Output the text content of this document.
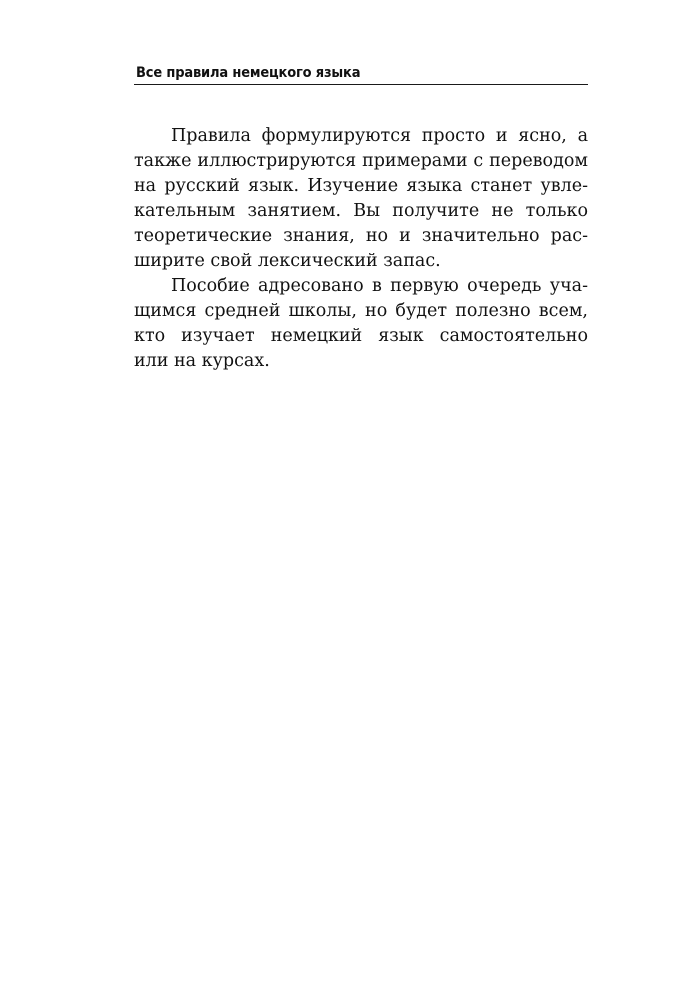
Все правила немецкого языка
Правила формулируются просто и ясно, а
также иллюстрируются примерами с переводом
на русский язык. Изучение языка станет увле-
кательным занятием. Вы получите не только
теоретические знания, но и значительно рас-
ширите свой лексический запас.
Пособие адресовано в первую очередь уча-
щимся средней школы, но будет полезно всем,
кто изучает немецкий язык самостоятельно
или на курсах.
